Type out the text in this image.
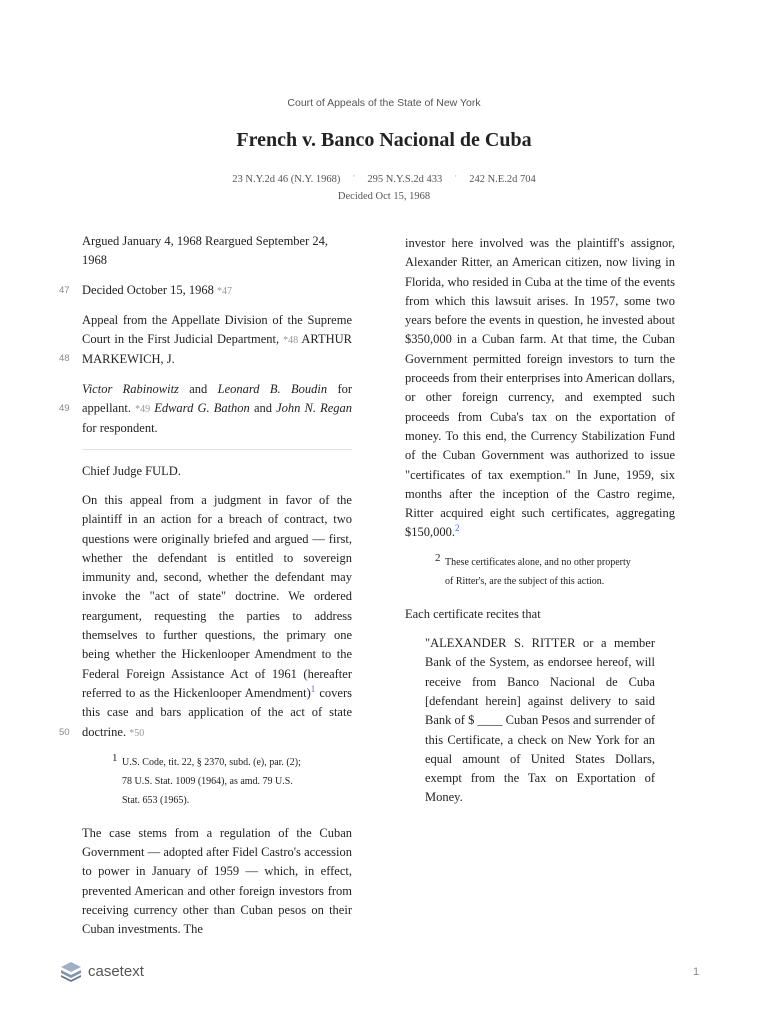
Court of Appeals of the State of New York
French v. Banco Nacional de Cuba
23 N.Y.2d 46 (N.Y. 1968) · 295 N.Y.S.2d 433 · 242 N.E.2d 704
Decided Oct 15, 1968

Argued January 4, 1968 Reargued September 24, 1968

47 Decided October 15, 1968 *47

48
Appeal from the Appellate Division of the Supreme Court in the First Judicial Department, *48 ARTHUR MARKEWICH, J.

49
Victor Rabinowitz and Leonard B. Boudin for appellant. *49 Edward G. Bathon and John N. Regan for respondent.

Chief Judge FULD.

50
On this appeal from a judgment in favor of the plaintiff in an action for a breach of contract, two questions were originally briefed and argued — first, whether the defendant is entitled to sovereign immunity and, second, whether the defendant may invoke the "act of state" doctrine. We ordered reargument, requesting the parties to address themselves to further questions, the primary one being whether the Hickenlooper Amendment to the Federal Foreign Assistance Act of 1961 (hereafter referred to as the Hickenlooper Amendment)$^1$ covers this case and bars application of the act of state doctrine. *50

1 U.S. Code, tit. 22, § 2370, subd. (e), par. (2); 78 U.S. Stat. 1009 (1964), as amd. 79 U.S. Stat. 653 (1965).

The case stems from a regulation of the Cuban Government — adopted after Fidel Castro's accession to power in January of 1959 — which, in effect, prevented American and other foreign investors from receiving currency other than Cuban pesos on their Cuban investments. The

investor here involved was the plaintiff's assignor, Alexander Ritter, an American citizen, now living in Florida, who resided in Cuba at the time of the events from which this lawsuit arises. In 1957, some two years before the events in question, he invested about $350,000 in a Cuban farm. At that time, the Cuban Government permitted foreign investors to turn the proceeds from their enterprises into American dollars, or other foreign currency, and exempted such proceeds from Cuba's tax on the exportation of money. To this end, the Currency Stabilization Fund of the Cuban Government was authorized to issue "certificates of tax exemption." In June, 1959, six months after the inception of the Castro regime, Ritter acquired eight such certificates, aggregating $150,000.$^2$

2 These certificates alone, and no other property of Ritter's, are the subject of this action.

Each certificate recites that

"ALEXANDER S. RITTER or a member Bank of the System, as endorsee hereof, will receive from Banco Nacional de Cuba [defendant herein] against delivery to said Bank of $ ____ Cuban Pesos and surrender of this Certificate, a check on New York for an equal amount of United States Dollars, exempt from the Tax on Exportation of Money.

casetext	1
